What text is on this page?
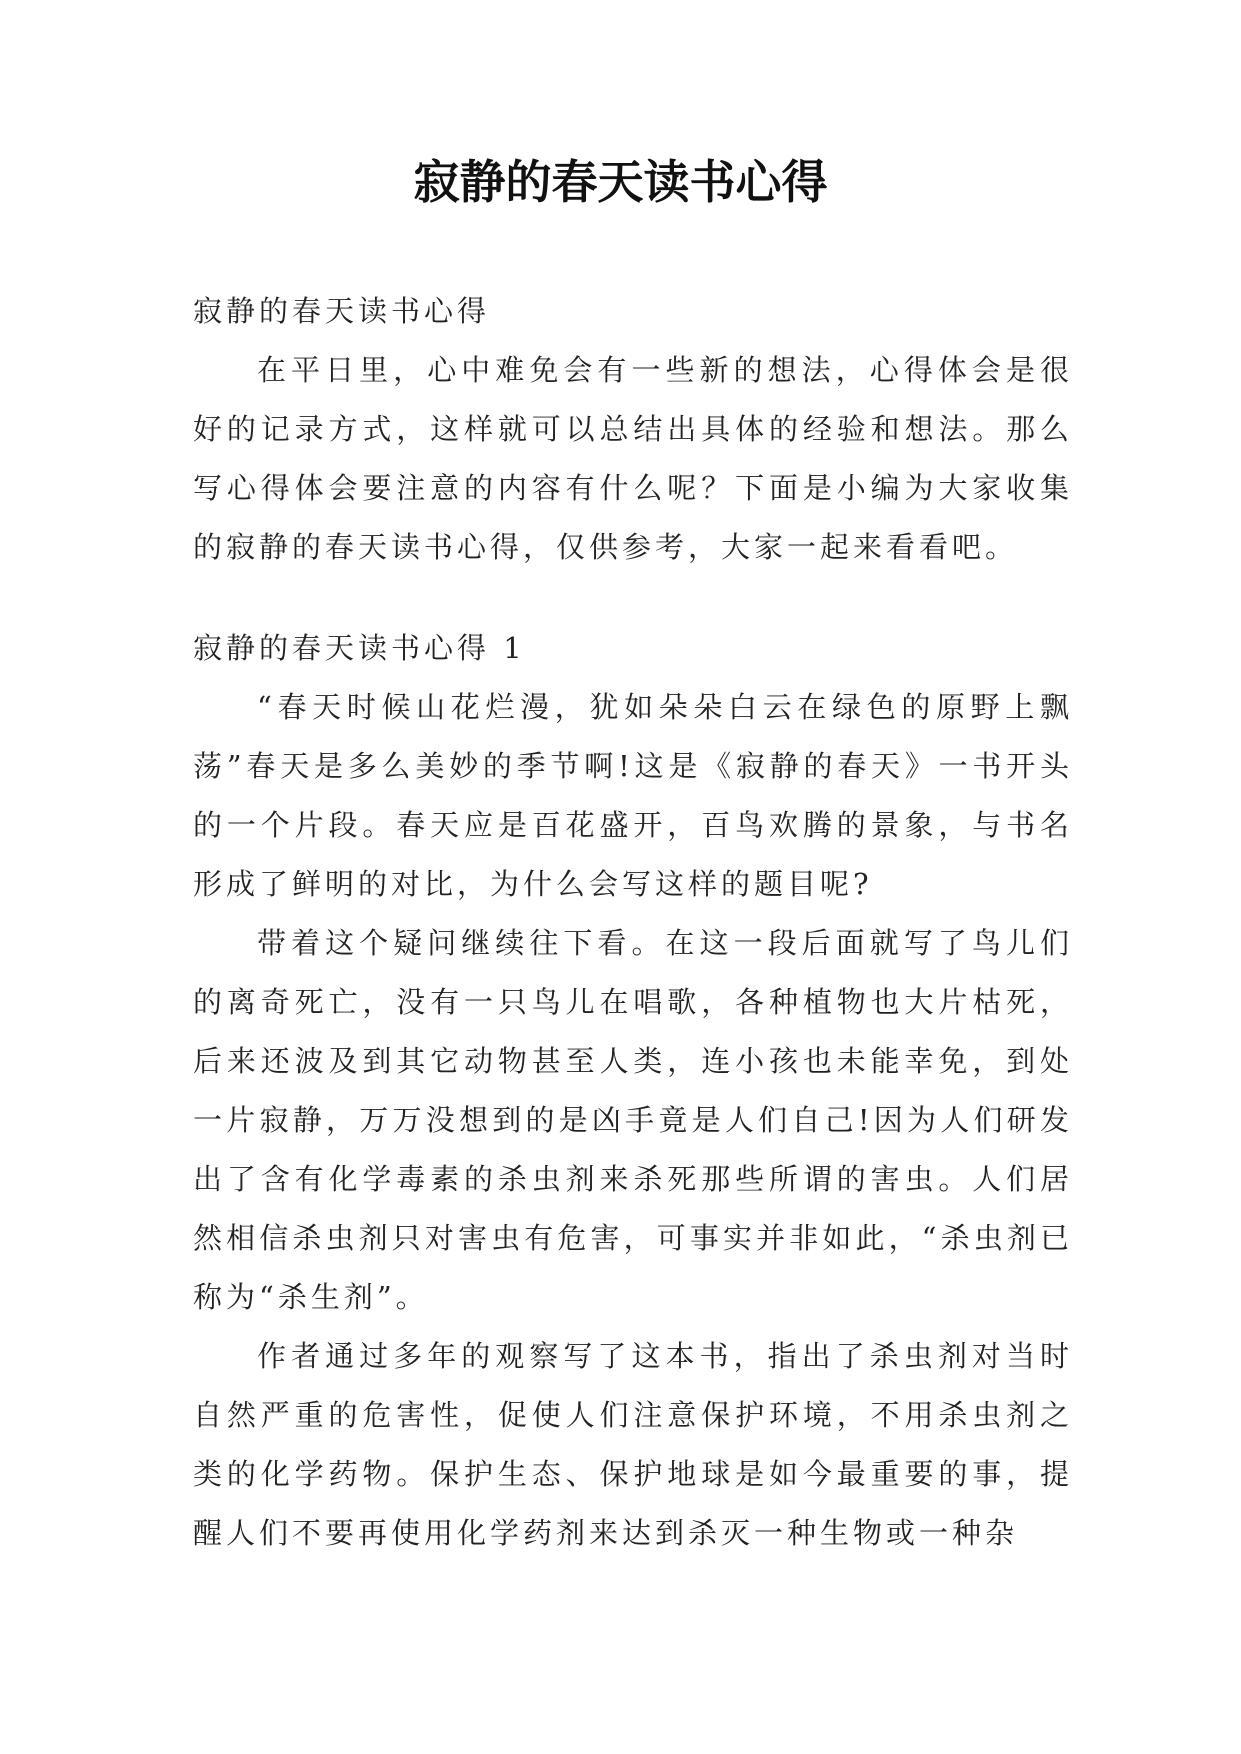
寂静的春天读书心得

寂静的春天读书心得

在平日里，心中难免会有一些新的想法，心得体会是很好的记录方式，这样就可以总结出具体的经验和想法。那么写心得体会要注意的内容有什么呢？下面是小编为大家收集的寂静的春天读书心得，仅供参考，大家一起来看看吧。

寂静的春天读书心得 1

“春天时候山花烂漫，犹如朵朵白云在绿色的原野上飘荡”春天是多么美妙的季节啊!这是《寂静的春天》一书开头的一个片段。春天应是百花盛开，百鸟欢腾的景象，与书名形成了鲜明的对比，为什么会写这样的题目呢?

带着这个疑问继续往下看。在这一段后面就写了鸟儿们的离奇死亡，没有一只鸟儿在唱歌，各种植物也大片枯死，后来还波及到其它动物甚至人类，连小孩也未能幸免，到处一片寂静，万万没想到的是凶手竟是人们自己!因为人们研发出了含有化学毒素的杀虫剂来杀死那些所谓的害虫。人们居然相信杀虫剂只对害虫有危害，可事实并非如此，“杀虫剂已称为“杀生剂”。

作者通过多年的观察写了这本书，指出了杀虫剂对当时自然严重的危害性，促使人们注意保护环境，不用杀虫剂之类的化学药物。保护生态、保护地球是如今最重要的事，提醒人们不要再使用化学药剂来达到杀灭一种生物或一种杂
